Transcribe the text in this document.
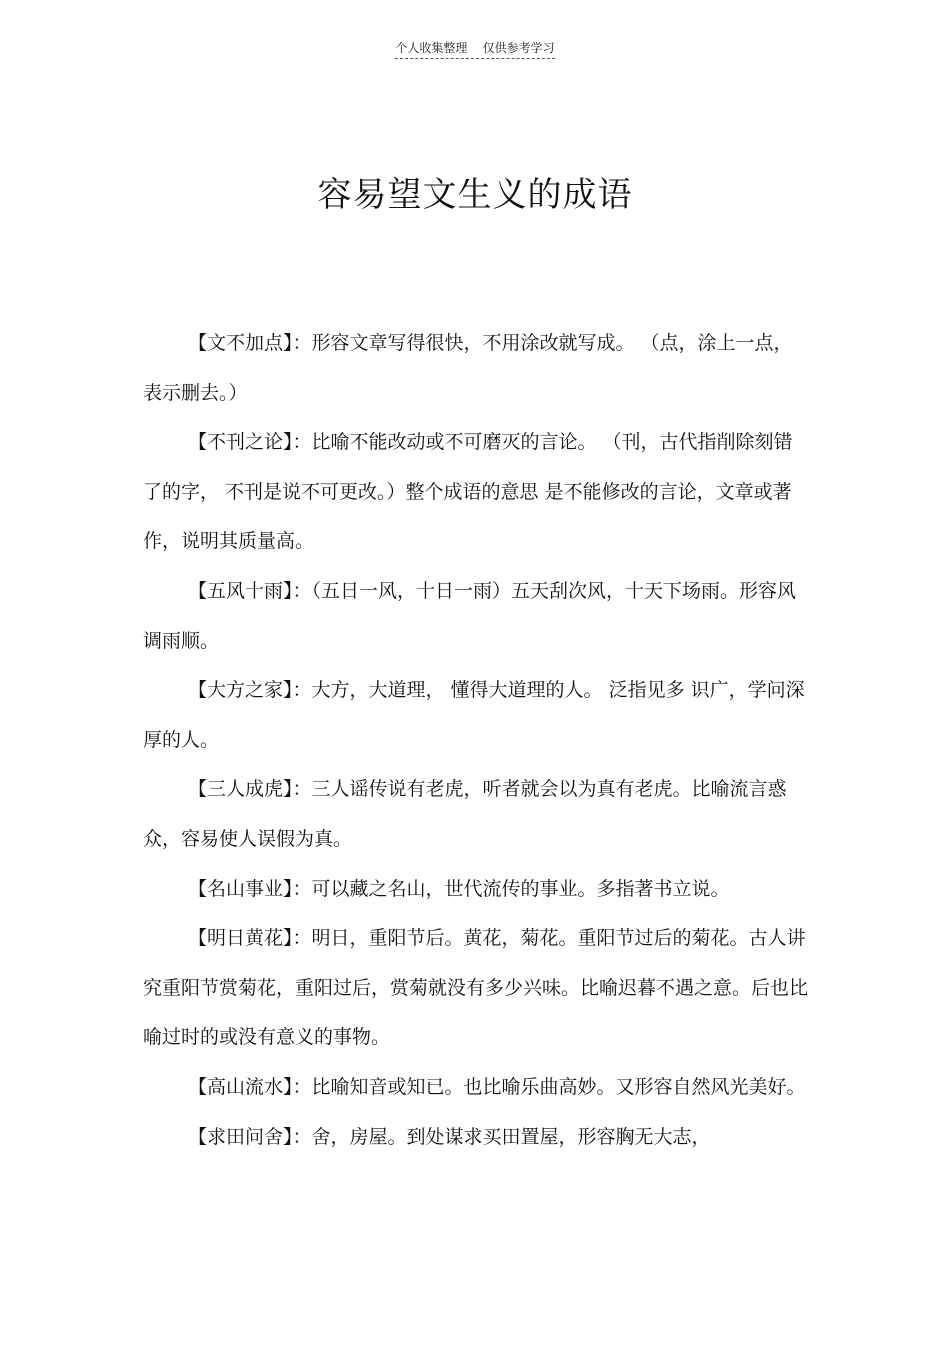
个人收集整理    仅供参考学习
容易望文生义的成语

【文不加点】：形容文章写得很快，不用涂改就写成。 （点，涂上一点，表示删去。）

【不刊之论】：比喻不能改动或不可磨灭的言论。 （刊，古代指削除刻错了的字， 不刊是说不可更改。）整个成语的意思 是不能修改的言论，文章或著作，说明其质量高。

【五风十雨】：（五日一风，十日一雨）五天刮次风，十天下场雨。形容风调雨顺。

【大方之家】：大方，大道理， 懂得大道理的人。 泛指见多 识广，学问深厚的人。

【三人成虎】：三人谣传说有老虎，听者就会以为真有老虎。比喻流言惑众，容易使人误假为真。

【名山事业】：可以藏之名山，世代流传的事业。多指著书立说。

【明日黄花】：明日，重阳节后。黄花，菊花。重阳节过后的菊花。古人讲究重阳节赏菊花，重阳过后，赏菊就没有多少兴味。比喻迟暮不遇之意。后也比喻过时的或没有意义的事物。

【高山流水】：比喻知音或知已。也比喻乐曲高妙。又形容自然风光美好。

【求田问舍】：舍，房屋。到处谋求买田置屋，形容胸无大志，
